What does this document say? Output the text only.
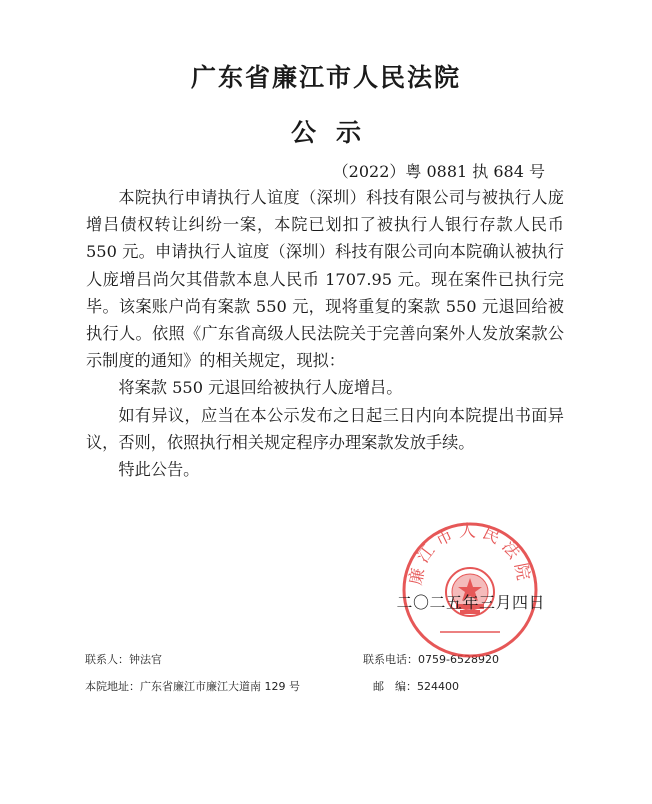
广东省廉江市人民法院
公示
（2022）粤 0881 执 684 号

本院执行申请执行人谊度（深圳）科技有限公司与被执行人庞增吕债权转让纠纷一案，本院已划扣了被执行人银行存款人民币 550 元。申请执行人谊度（深圳）科技有限公司向本院确认被执行人庞增吕尚欠其借款本息人民币 1707.95 元。现在案件已执行完毕。该案账户尚有案款 550 元，现将重复的案款 550 元退回给被执行人。依照《广东省高级人民法院关于完善向案外人发放案款公示制度的通知》的相关规定，现拟：

将案款 550 元退回给被执行人庞增吕。

如有异议，应当在本公示发布之日起三日内向本院提出书面异议，否则，依照执行相关规定程序办理案款发放手续。

特此公告。

廉江市人民法院
二〇二五年三月四日
联系人：钟法官	联系电话：0759-6528920
本院地址：广东省廉江市廉江大道南 129 号	邮　编：524400
